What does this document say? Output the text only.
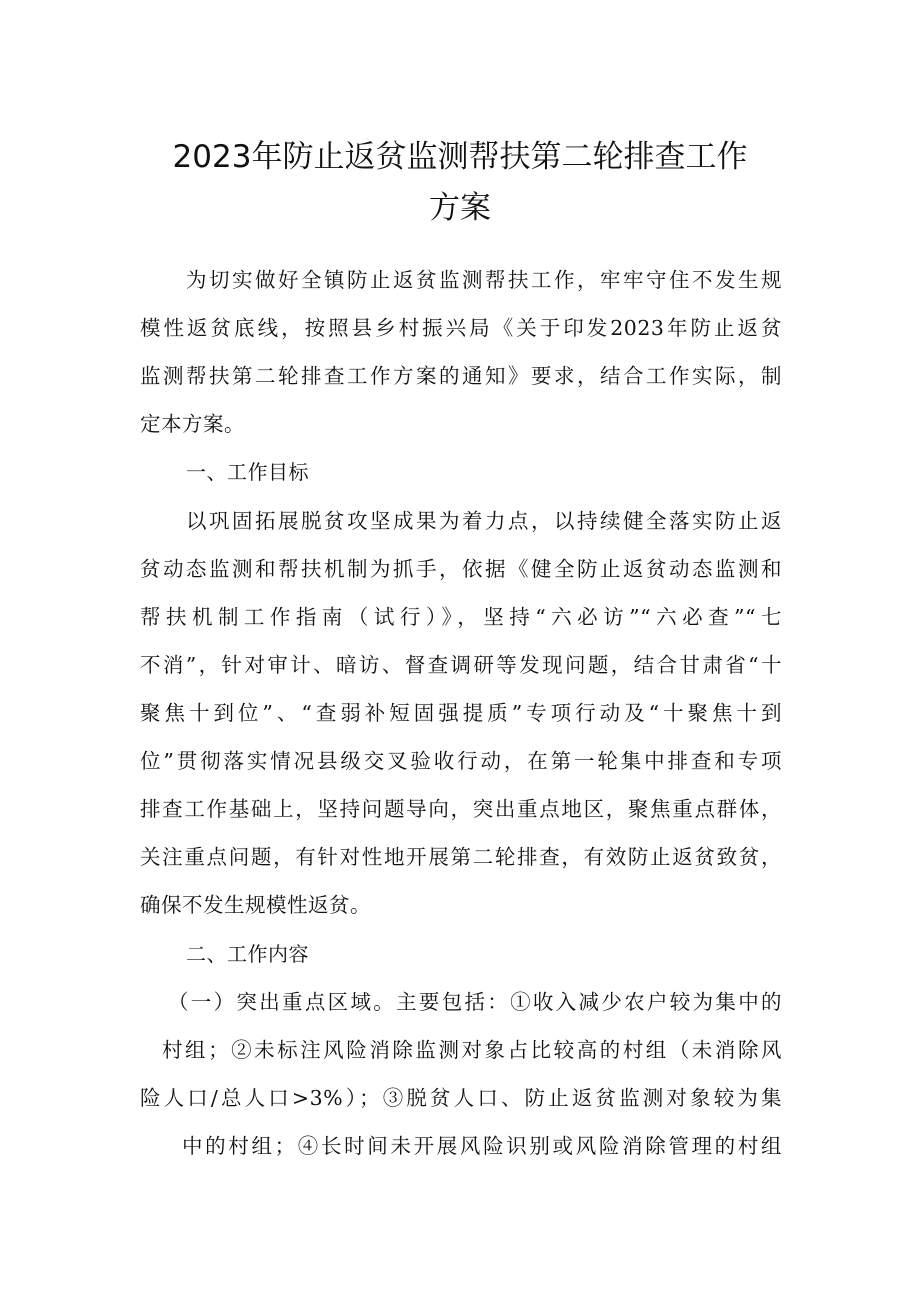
2023年防止返贫监测帮扶第二轮排查工作
方案
为切实做好全镇防止返贫监测帮扶工作，牢牢守住不发生规
模性返贫底线，按照县乡村振兴局《关于印发2023年防止返贫
监测帮扶第二轮排查工作方案的通知》要求，结合工作实际，制
定本方案。
一、工作目标
以巩固拓展脱贫攻坚成果为着力点，以持续健全落实防止返
贫动态监测和帮扶机制为抓手，依据《健全防止返贫动态监测和
帮扶机制工作指南（试行）》，坚持“六必访”“六必查”“七
不消”，针对审计、暗访、督查调研等发现问题，结合甘肃省“十
聚焦十到位”、“查弱补短固强提质”专项行动及“十聚焦十到
位”贯彻落实情况县级交叉验收行动，在第一轮集中排查和专项
排查工作基础上，坚持问题导向，突出重点地区，聚焦重点群体，
关注重点问题，有针对性地开展第二轮排查，有效防止返贫致贫，
确保不发生规模性返贫。
二、工作内容
（一）突出重点区域。主要包括：①收入减少农户较为集中的
村组；②未标注风险消除监测对象占比较高的村组（未消除风
险人口/总人口>3%）；③脱贫人口、防止返贫监测对象较为集
中的村组；④长时间未开展风险识别或风险消除管理的村组
